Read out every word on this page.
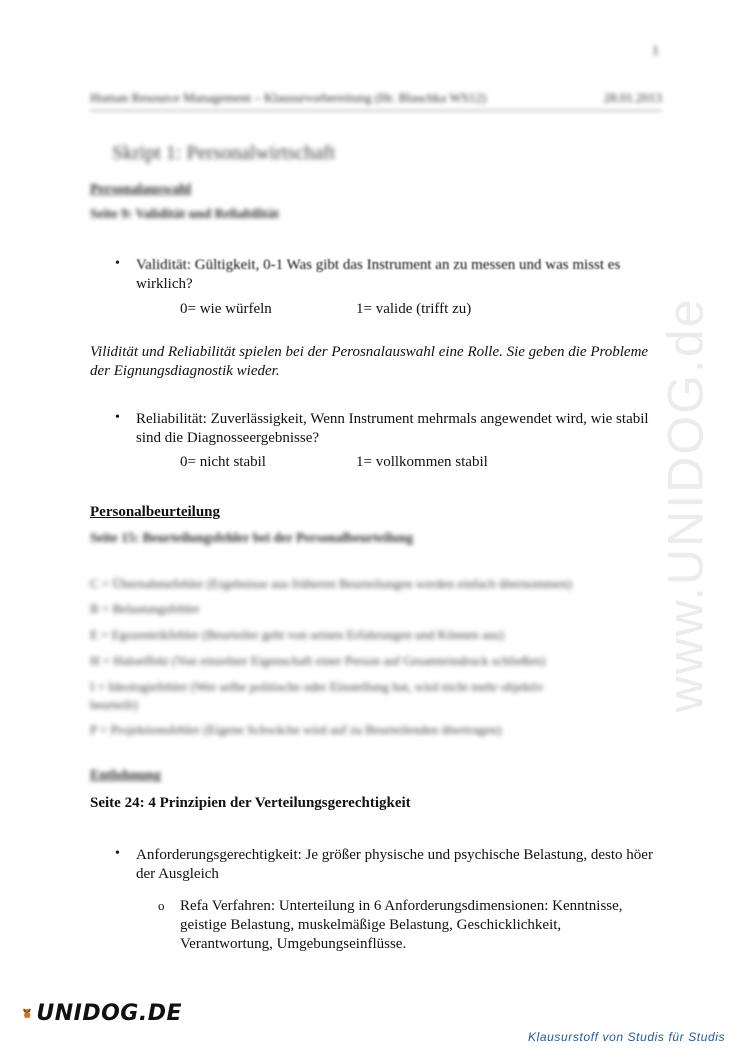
www.UNIDOG.de
1
Human Resource Management – Klausurvorbereitung (Hr. Blaschka WS12)	28.01.2013
Skript 1: Personalwirtschaft
Personalauswahl
Seite 9: Validität und Reliabilität
• Validität: Gültigkeit, 0-1 Was gibt das Instrument an zu messen und was misst es
wirklich?
0= wie würfeln	1= valide (trifft zu)
Vilidität und Reliabilität spielen bei der Perosnalauswahl eine Rolle. Sie geben die Probleme
der Eignungsdiagnostik wieder.
• Reliabilität: Zuverlässigkeit, Wenn Instrument mehrmals angewendet wird, wie stabil
sind die Diagnosseergebnisse?
0= nicht stabil	1= vollkommen stabil
Personalbeurteilung
Seite 15: Beurteilungsfehler bei der Personalbeurteilung
C = Übernahmefehler (Ergebnisse aus früheren Beurteilungen werden einfach übernommen)
B = Belastungsfehler
E = Egozentrikfehler (Beurteiler geht von seinen Erfahrungen und Können aus)
H = Haloeffekt (Von einzelner Eigenschaft einer Person auf Gesamteindruck schließen)
I = Ideologiefehler (Wer selbe politische oder Einstellung hat, wird nicht mehr objektiv
beurteilt)
P = Projektionsfehler (Eigene Schwäche wird auf zu Beurteilenden übertragen)
Entlohnung
Seite 24: 4 Prinzipien der Verteilungsgerechtigkeit
• Anforderungsgerechtigkeit: Je größer physische und psychische Belastung, desto höer
der Ausgleich
o Refa Verfahren: Unterteilung in 6 Anforderungsdimensionen: Kenntnisse,
geistige Belastung, muskelmäßige Belastung, Geschicklichkeit,
Verantwortung, Umgebungseinflüsse.
UNIDOG.DE
Klausurstoff von Studis für Studis
